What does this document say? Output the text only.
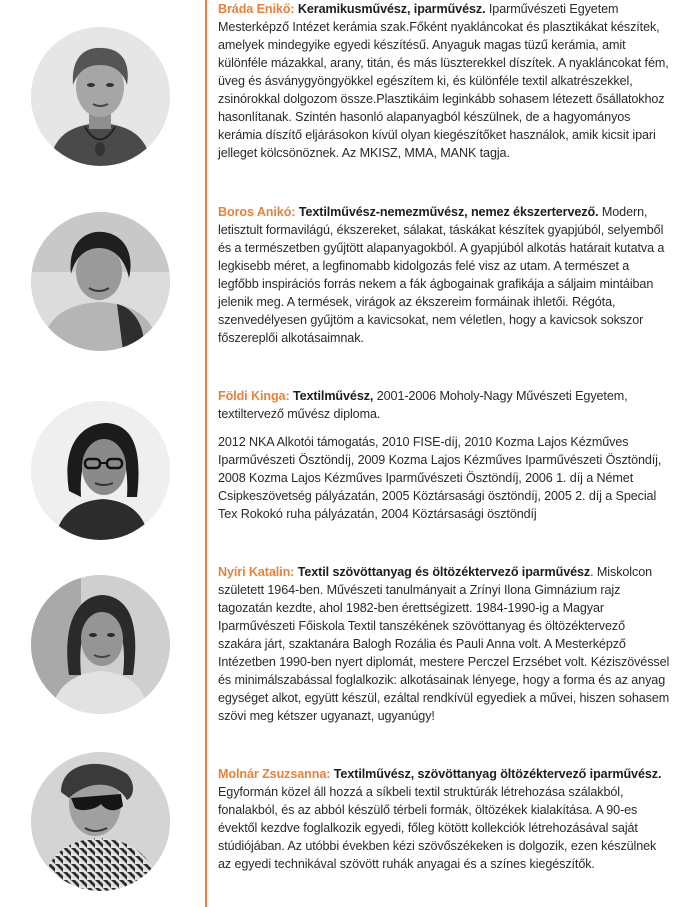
Bráda Enikő: Keramikusművész, iparművész. Iparművészeti Egyetem Mesterképző Intézet kerámia szak.Főként nyakláncokat és plasztikákat készítek, amelyek mindegyike egyedi készítésű. Anyaguk magas tüzű kerámia, amit különféle mázakkal, arany, titán, és más lüszterekkel díszítek. A nyakláncokat fém, üveg és ásványgyöngyökkel egészítem ki, és különféle textil alkatrészekkel, zsinórokkal dolgozom össze.Plasztikáim leginkább sohasem létezett ősállatokhoz hasonlítanak. Szintén hasonló alapanyagból készülnek, de a hagyományos kerámia díszítő eljárásokon kívül olyan kiegészítőket használok, amik kicsit ipari jelleget kölcsönöznek. Az MKISZ, MMA, MANK tagja.

Boros Anikó: Textilművész-nemezművész, nemez ékszertervező. Modern, letisztult formavilágú, ékszereket, sálakat, táskákat készítek gyapjúból, selyemből és a természetben gyűjtött alapanyagokból. A gyapjúból alkotás határait kutatva a legkisebb méret, a legfinomabb kidolgozás felé visz az utam. A természet a legfőbb inspirációs forrás nekem a fák ágbogainak grafikája a sáljaim mintáiban jelenik meg. A termések, virágok az ékszereim formáinak ihletői. Régóta, szenvedélyesen gyűjtöm a kavicsokat, nem véletlen, hogy a kavicsok sokszor főszereplői alkotásaimnak.

Földi Kinga: Textilművész, 2001-2006 Moholy-Nagy Művészeti Egyetem, textiltervező művész diploma.

2012 NKA Alkotói támogatás, 2010 FISE-díj, 2010 Kozma Lajos Kézműves Iparművészeti Ösztöndíj, 2009 Kozma Lajos Kézműves Iparművészeti Ösztöndíj, 2008 Kozma Lajos Kézműves Iparművészeti Ösztöndíj, 2006 1. díj a Német Csipkeszövetség pályázatán, 2005 Köztársasági ösztöndíj, 2005 2. díj a Special Tex Rokokó ruha pályázatán, 2004 Köztársasági ösztöndíj

Nyíri Katalin: Textil szövöttanyag és öltözéktervező iparművész. Miskolcon született 1964-ben. Művészeti tanulmányait a Zrínyi Ilona Gimnázium rajz tagozatán kezdte, ahol 1982-ben érettségizett. 1984-1990-ig a Magyar Iparművészeti Főiskola Textil tanszékének szövöttanyag és öltözéktervező szakára járt, szaktanára Balogh Rozália és Pauli Anna volt. A Mesterképző Intézetben 1990-ben nyert diplomát, mestere Perczel Erzsébet volt. Kéziszövéssel és minimálszabással foglalkozik: alkotásainak lényege, hogy a forma és az anyag egységet alkot, együtt készül, ezáltal rendkívül egyediek a művei, hiszen sohasem szövi meg kétszer ugyanazt, ugyanúgy!

Molnár Zsuzsanna: Textilművész, szövöttanyag öltözéktervező iparművész. Egyformán közel áll hozzá a síkbeli textil struktúrák létrehozása szálakból, fonalakból, és az abból készülő térbeli formák, öltözékek kialakítása. A 90-es évektől kezdve foglalkozik egyedi, főleg kötött kollekciók létrehozásával saját stúdiójában. Az utóbbi években kézi szövőszékeken is dolgozik, ezen készülnek az egyedi technikával szövött ruhák anyagai és a színes kiegészítők.
